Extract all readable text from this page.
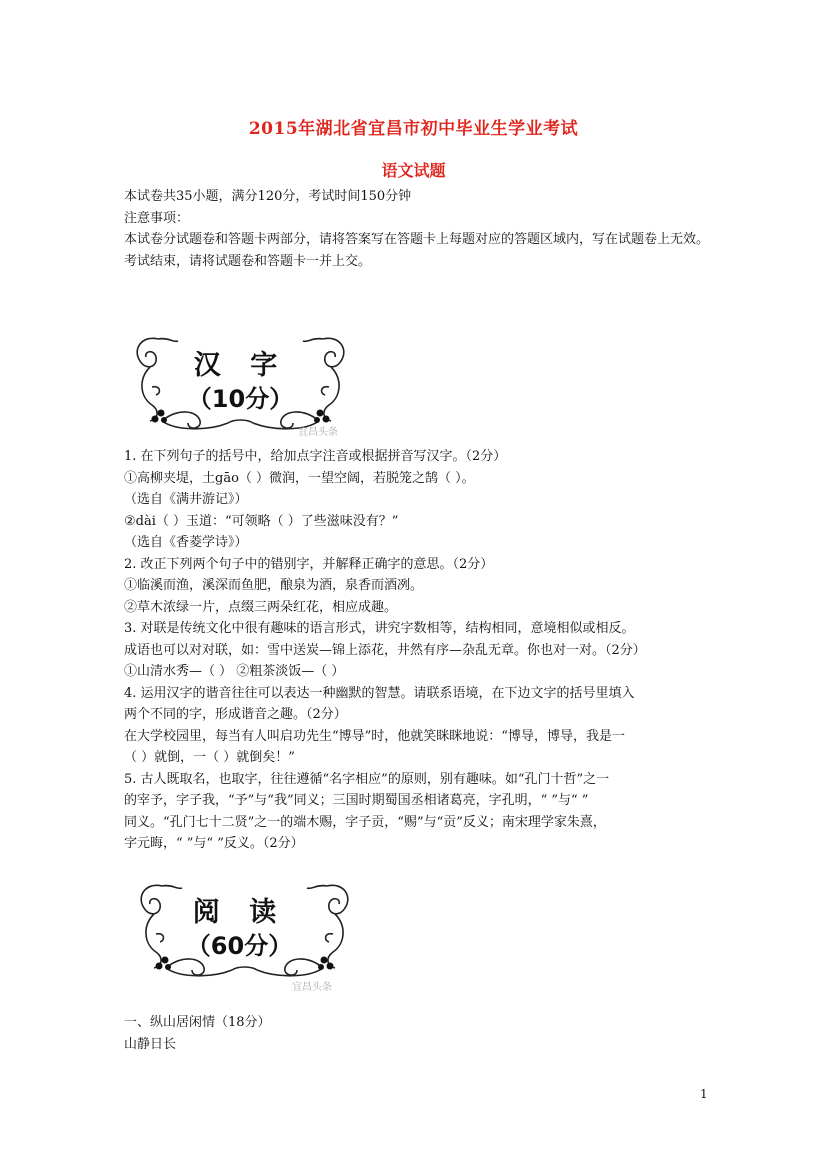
2015年湖北省宜昌市初中毕业生学业考试
语文试题
本试卷共35小题，满分120分，考试时间150分钟
注意事项：
本试卷分试题卷和答题卡两部分，请将答案写在答题卡上每题对应的答题区域内，写在试题卷上无效。
考试结束，请将试题卷和答题卡一并上交。
汉 字
（10分）
宜昌头条

1. 在下列句子的括号中，给加点字注音或根据拼音写汉字。（2分）

①高柳夹堤，土gāo（ ）微润，一望空阔，若脱笼之鹄（ ）。

（选自《满井游记》）

②dài（ ）玉道：“可领略（ ）了些滋味没有？”

（选自《香菱学诗》）

2. 改正下列两个句子中的错别字，并解释正确字的意思。（2分）

①临溪而渔，溪深而鱼肥，酿泉为酒，泉香而酒冽。

②草木浓绿一片，点缀三两朵红花，相应成趣。

3. 对联是传统文化中很有趣味的语言形式，讲究字数相等，结构相同，意境相似或相反。

成语也可以对对联，如：雪中送炭—锦上添花，井然有序—杂乱无章。你也对一对。（2分）

①山清水秀—（ ） ②粗茶淡饭—（ ）

4. 运用汉字的谐音往往可以表达一种幽默的智慧。请联系语境，在下边文字的括号里填入

两个不同的字，形成谐音之趣。（2分）

在大学校园里，每当有人叫启功先生“博导”时，他就笑眯眯地说：“博导，博导，我是一

（ ）就倒，一（ ）就倒矣！”

5. 古人既取名，也取字，往往遵循“名字相应”的原则，别有趣味。如“孔门十哲”之一

的宰予，字子我，“予”与“我”同义；三国时期蜀国丞相诸葛亮，字孔明，“ ”与“ ”

同义。“孔门七十二贤”之一的端木赐，字子贡，“赐”与“贡”反义；南宋理学家朱熹，

字元晦，“ ”与“ ”反义。（2分）

阅 读
（60分）
宜昌头条

一、纵山居闲情（18分）

山静日长

1
